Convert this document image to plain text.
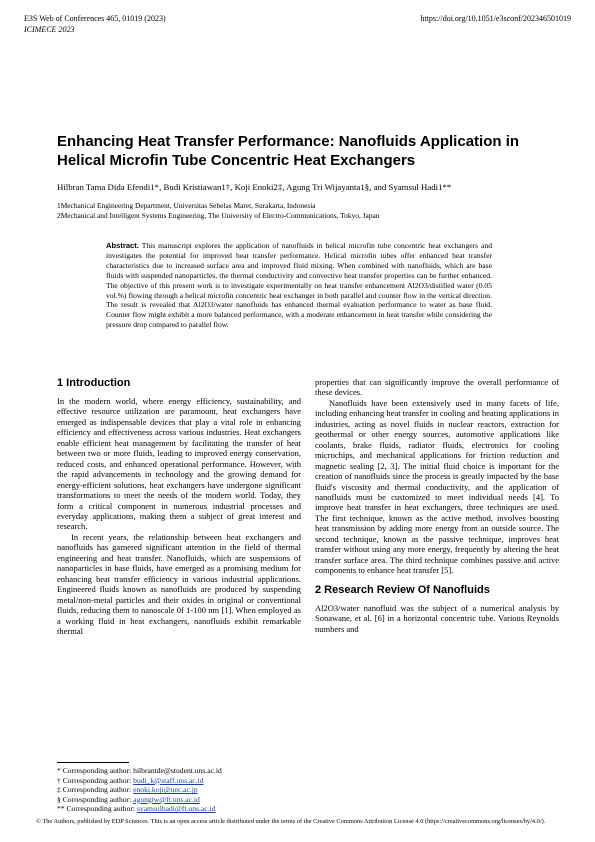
E3S Web of Conferences 465, 01019 (2023)
ICIMECE 2023
https://doi.org/10.1051/e3sconf/202346501019
Enhancing Heat Transfer Performance: Nanofluids Application in Helical Microfin Tube Concentric Heat Exchangers
Hilbran Tama Dida Efendi1*, Budi Kristiawan1†, Koji Enoki2‡, Agung Tri Wijayanta1§, and Syamsul Hadi1**
1Mechanical Engineering Department, Universitas Sebelas Maret, Surakarta, Indonesia
2Mechanical and Intelligent Systems Engineering, The University of Electro-Communications, Tokyo, Japan
Abstract. This manuscript explores the application of nanofluids in helical microfin tube concentric heat exchangers and investigates the potential for improved heat transfer performance. Helical microfin tubes offer enhanced heat transfer characteristics due to increased surface area and improved fluid mixing. When combined with nanofluids, which are base fluids with suspended nanoparticles, the thermal conductivity and convective heat transfer properties can be further enhanced. The objective of this present work is to investigate experimentally on heat transfer enhancement Al2O3/distilled water (0.05 vol.%) flowing through a helical microfin concentric heat exchanger in both parallel and counter flow in the vertical direction. The result is revealed that Al2O3/water nanofluids has enhanced thermal evaluation performance to water as base fluid. Counter flow might exhibit a more balanced performance, with a moderate enhancement in heat transfer while considering the pressure drop compared to parallel flow.
1 Introduction

In the modern world, where energy efficiency, sustainability, and effective resource utilization are paramount, heat exchangers have emerged as indispensable devices that play a vital role in enhancing efficiency and effectiveness across various industries. Heat exchangers enable efficient heat management by facilitating the transfer of heat between two or more fluids, leading to improved energy conservation, reduced costs, and enhanced operational performance. However, with the rapid advancements in technology and the growing demand for energy-efficient solutions, heat exchangers have undergone significant transformations to meet the needs of the modern world. Today, they form a critical component in numerous industrial processes and everyday applications, making them a subject of great interest and research.

In recent years, the relationship between heat exchangers and nanofluids has garnered significant attention in the field of thermal engineering and heat transfer. Nanofluids, which are suspensions of nanoparticles in base fluids, have emerged as a promising medium for enhancing heat transfer efficiency in various industrial applications. Engineered fluids known as nanofluids are produced by suspending metal/non-metal particles and their oxides in original or conventional fluids, reducing them to nanoscale 0f 1-100 nm [1]. When employed as a working fluid in heat exchangers, nanofluids exhibit remarkable thermal

properties that can significantly improve the overall performance of these devices.

Nanofluids have been extensively used in many facets of life, including enhancing heat transfer in cooling and heating applications in industries, acting as novel fluids in nuclear reactors, extraction for geothermal or other energy sources, automotive applications like coolants, brake fluids, radiator fluids, electronics for cooling microchips, and mechanical applications for friction reduction and magnetic sealing [2, 3]. The initial fluid choice is important for the creation of nanofluids since the process is greatly impacted by the base fluid's viscosity and thermal conductivity, and the application of nanofluids must be customized to meet individual needs [4]. To improve heat transfer in heat exchangers, three techniques are used. The first technique, known as the active method, involves boosting heat transmission by adding more energy from an outside source. The second technique, known as the passive technique, improves heat transfer without using any more energy, frequently by altering the heat transfer surface area. The third technique combines passive and active components to enhance heat transfer [5].

2 Research Review Of Nanofluids

Al2O3/water nanofluid was the subject of a numerical analysis by Sonawane, et al. [6] in a horizontal concentric tube. Various Reynolds numbers and

* Corresponding author: hilbrantde@student.uns.ac.id
† Corresponding author: budi_k@staff.uns.ac.id
‡ Corresponding author: enoki.koji@uec.ac.jp
§ Corresponding author: agungtw@ft.uns.ac.id
** Corresponding author: syamsulhadi@ft.uns.ac.id
© The Authors, published by EDP Sciences. This is an open access article distributed under the terms of the Creative Commons Attribution License 4.0 (https://creativecommons.org/licenses/by/4.0/).
